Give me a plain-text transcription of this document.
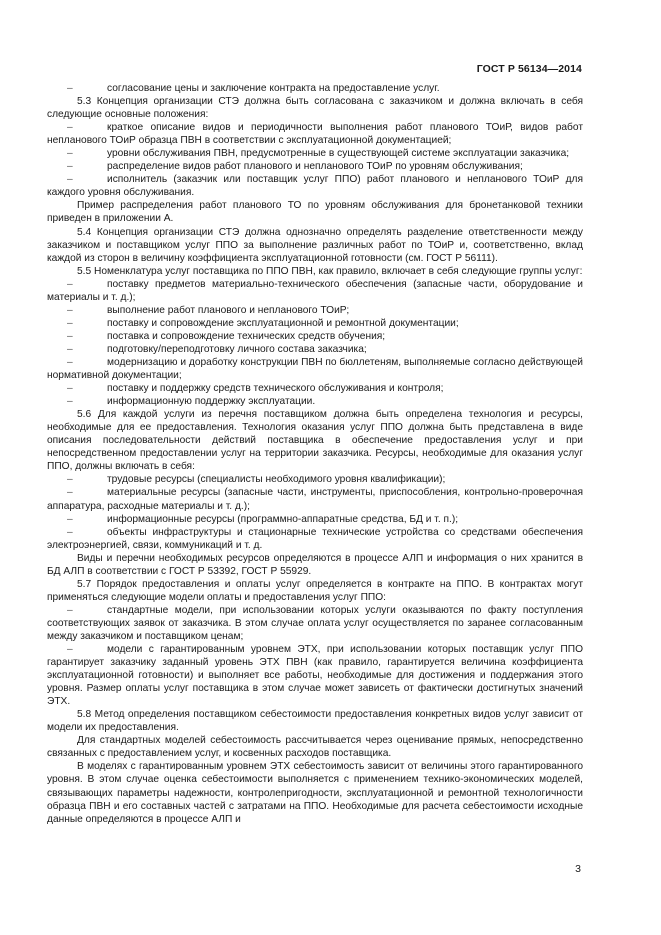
ГОСТ Р 56134—2014

–	согласование цены и заключение контракта на предоставление услуг.

5.3 Концепция организации СТЭ должна быть согласована с заказчиком и должна включать в себя следующие основные положения:

–	краткое описание видов и периодичности выполнения работ планового ТОиР, видов работ непланового ТОиР образца ПВН в соответствии с эксплуатационной документацией;

–	уровни обслуживания ПВН, предусмотренные в существующей системе эксплуатации заказчика;

–	распределение видов работ планового и непланового ТОиР по уровням обслуживания;

–	исполнитель (заказчик или поставщик услуг ППО) работ планового и непланового ТОиР для каждого уровня обслуживания.

Пример распределения работ планового ТО по уровням обслуживания для бронетанковой техники приведен в приложении А.

5.4 Концепция организации СТЭ должна однозначно определять разделение ответственности между заказчиком и поставщиком услуг ППО за выполнение различных работ по ТОиР и, соответственно, вклад каждой из сторон в величину коэффициента эксплуатационной готовности (см. ГОСТ Р 56111).

5.5 Номенклатура услуг поставщика по ППО ПВН, как правило, включает в себя следующие группы услуг:

–	поставку предметов материально-технического обеспечения (запасные части, оборудование и материалы и т. д.);

–	выполнение работ планового и непланового ТОиР;

–	поставку и сопровождение эксплуатационной и ремонтной документации;

–	поставка и сопровождение технических средств обучения;

–	подготовку/переподготовку личного состава заказчика;

–	модернизацию и доработку конструкции ПВН по бюллетеням, выполняемые согласно действующей нормативной документации;

–	поставку и поддержку средств технического обслуживания и контроля;

–	информационную поддержку эксплуатации.

5.6 Для каждой услуги из перечня поставщиком должна быть определена технология и ресурсы, необходимые для ее предоставления. Технология оказания услуг ППО должна быть представлена в виде описания последовательности действий поставщика в обеспечение предоставления услуг и при непосредственном предоставлении услуг на территории заказчика. Ресурсы, необходимые для оказания услуг ППО, должны включать в себя:

–	трудовые ресурсы (специалисты необходимого уровня квалификации);

–	материальные ресурсы (запасные части, инструменты, приспособления, контрольно-проверочная аппаратура, расходные материалы и т. д.);

–	информационные ресурсы (программно-аппаратные средства, БД и т. п.);

–	объекты инфраструктуры и стационарные технические устройства со средствами обеспечения электроэнергией, связи, коммуникаций и т. д.

Виды и перечни необходимых ресурсов определяются в процессе АЛП и информация о них хранится в БД АЛП в соответствии с ГОСТ Р 53392, ГОСТ Р 55929.

5.7 Порядок предоставления и оплаты услуг определяется в контракте на ППО. В контрактах могут применяться следующие модели оплаты и предоставления услуг ППО:

–	стандартные модели, при использовании которых услуги оказываются по факту поступления соответствующих заявок от заказчика. В этом случае оплата услуг осуществляется по заранее согласованным между заказчиком и поставщиком ценам;

–	модели с гарантированным уровнем ЭТХ, при использовании которых поставщик услуг ППО гарантирует заказчику заданный уровень ЭТХ ПВН (как правило, гарантируется величина коэффициента эксплуатационной готовности) и выполняет все работы, необходимые для достижения и поддержания этого уровня. Размер оплаты услуг поставщика в этом случае может зависеть от фактически достигнутых значений ЭТХ.

5.8 Метод определения поставщиком себестоимости предоставления конкретных видов услуг зависит от модели их предоставления.

Для стандартных моделей себестоимость рассчитывается через оценивание прямых, непосредственно связанных с предоставлением услуг, и косвенных расходов поставщика.

В моделях с гарантированным уровнем ЭТХ себестоимость зависит от величины этого гарантированного уровня. В этом случае оценка себестоимости выполняется с применением технико-экономических моделей, связывающих параметры надежности, контролепригодности, эксплуатационной и ремонтной технологичности образца ПВН и его составных частей с затратами на ППО. Необходимые для расчета себестоимости исходные данные определяются в процессе АЛП и

3
